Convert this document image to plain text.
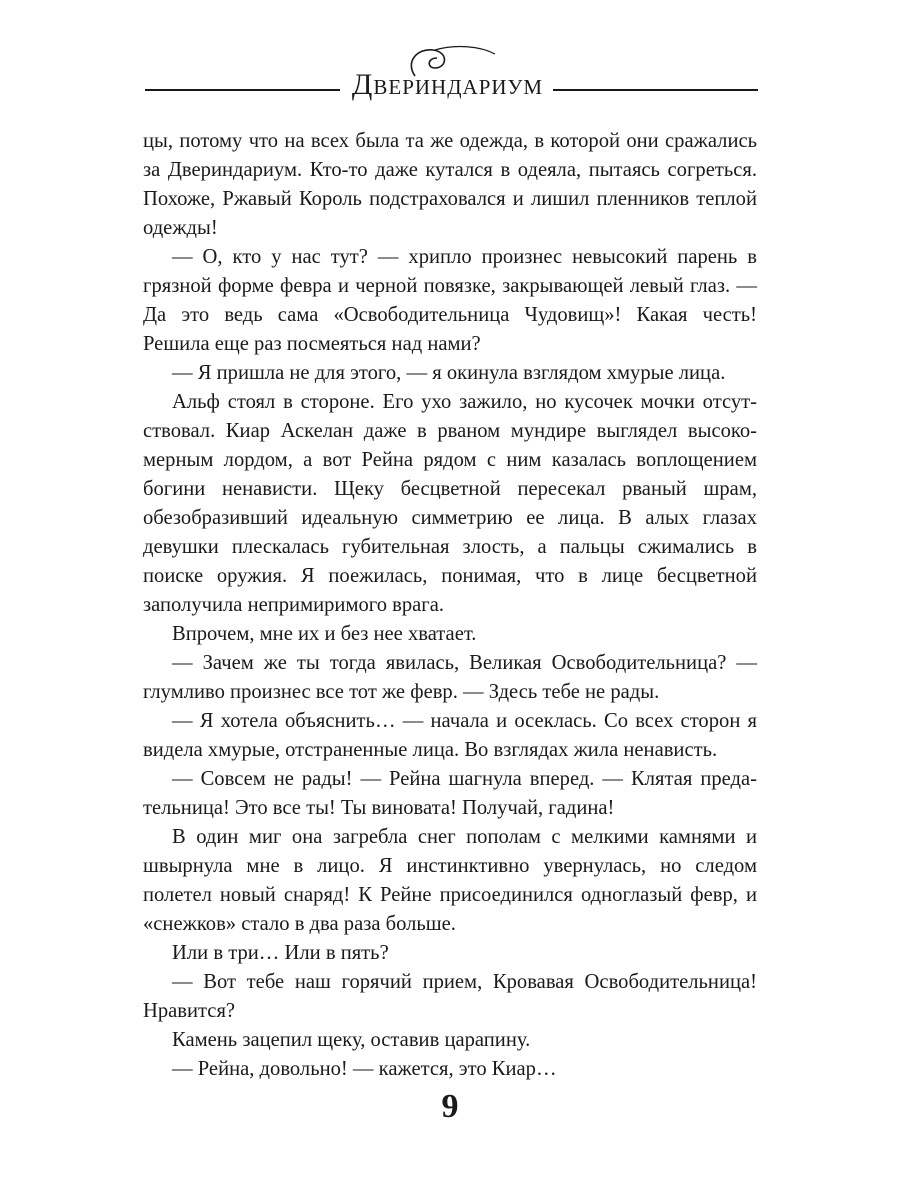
Двериндариум

цы, потому что на всех была та же одежда, в которой они сражались за Двериндариум. Кто-то даже кутался в одеяла, пытаясь согреться. Похоже, Ржавый Король подстраховался и лишил пленников теплой одежды!

— О, кто у нас тут? — хрипло произнес невысокий парень в грязной форме февра и черной повязке, закрывающей левый глаз. — Да это ведь сама «Освободительница Чудовищ»! Какая честь! Решила еще раз посмеяться над нами?

— Я пришла не для этого, — я окинула взглядом хмурые лица.

Альф стоял в стороне. Его ухо зажило, но кусочек мочки отсутствовал. Киар Аскелан даже в рваном мундире выглядел высокомерным лордом, а вот Рейна рядом с ним казалась воплощением богини ненависти. Щеку бесцветной пересекал рваный шрам, обезобразивший идеальную симметрию ее лица. В алых глазах девушки плескалась губительная злость, а пальцы сжимались в поиске оружия. Я поежилась, понимая, что в лице бесцветной заполучила непримиримого врага.

Впрочем, мне их и без нее хватает.

— Зачем же ты тогда явилась, Великая Освободительница? — глумливо произнес все тот же февр. — Здесь тебе не рады.

— Я хотела объяснить… — начала и осеклась. Со всех сторон я видела хмурые, отстраненные лица. Во взглядах жила ненависть.

— Совсем не рады! — Рейна шагнула вперед. — Клятая предательница! Это все ты! Ты виновата! Получай, гадина!

В один миг она загребла снег пополам с мелкими камнями и швырнула мне в лицо. Я инстинктивно увернулась, но следом полетел новый снаряд! К Рейне присоединился одноглазый февр, и «снежков» стало в два раза больше.

Или в три… Или в пять?

— Вот тебе наш горячий прием, Кровавая Освободительница! Нравится?

Камень зацепил щеку, оставив царапину.

— Рейна, довольно! — кажется, это Киар…

9
